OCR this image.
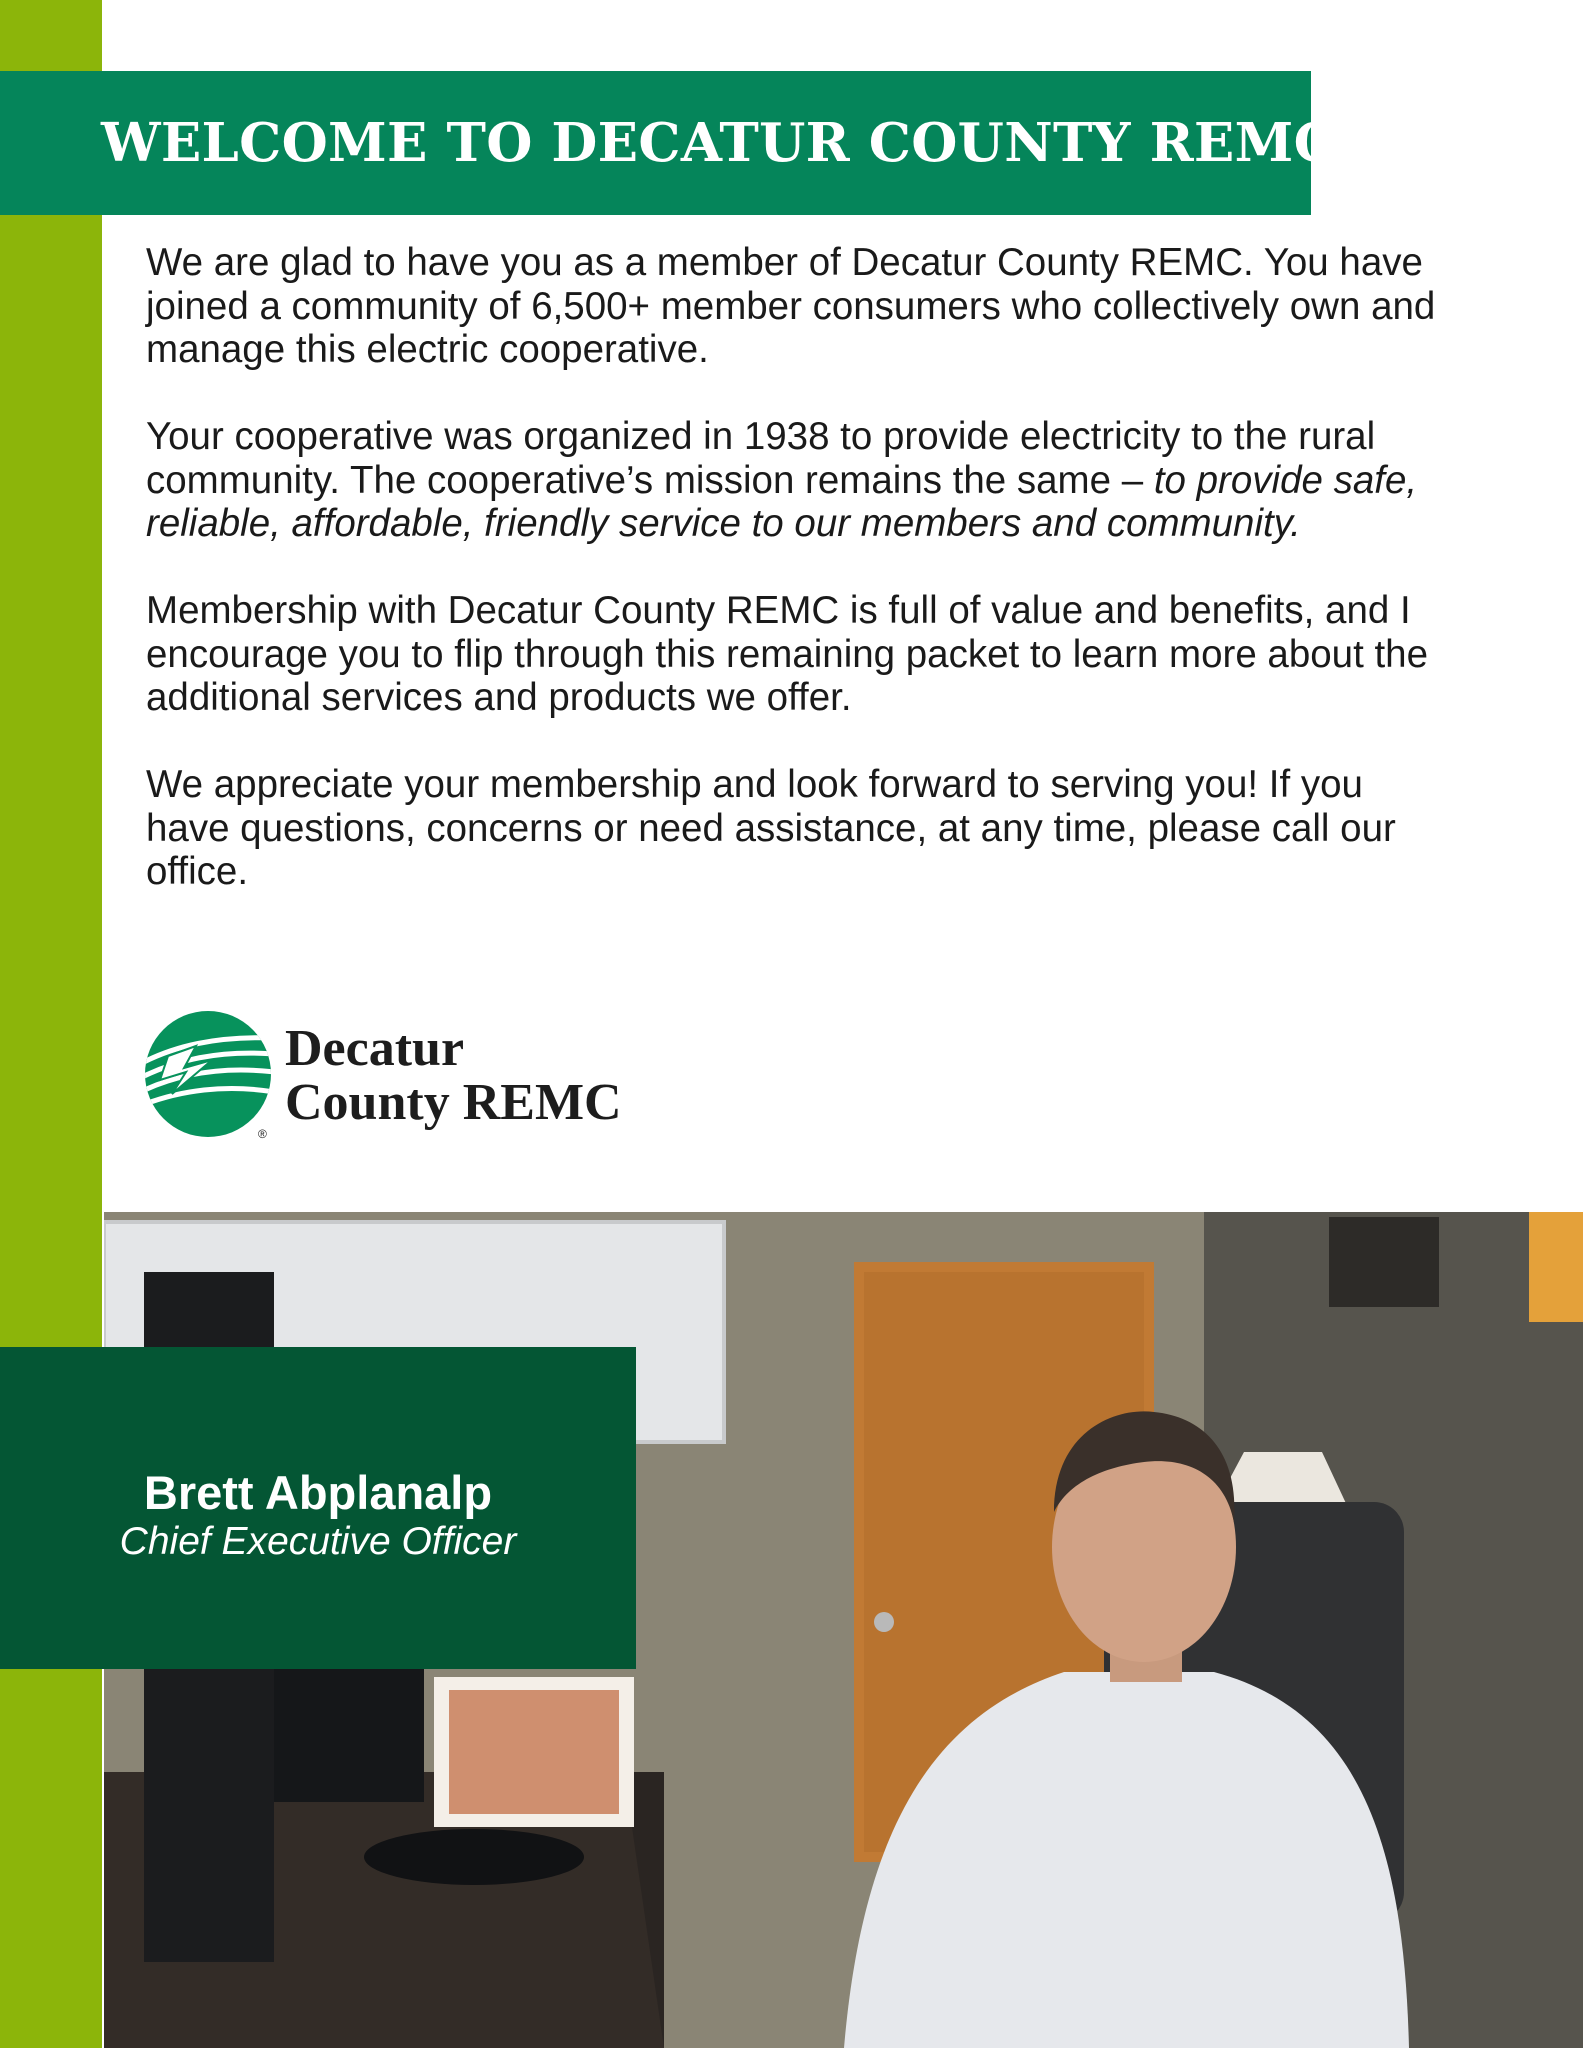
WELCOME TO DECATUR COUNTY REMC

We are glad to have you as a member of Decatur County REMC. You have joined a community of 6,500+ member consumers who collectively own and manage this electric cooperative.

Your cooperative was organized in 1938 to provide electricity to the rural community. The cooperative’s mission remains the same – to provide safe, reliable, affordable, friendly service to our members and community.

Membership with Decatur County REMC is full of value and benefits, and I encourage you to flip through this remaining packet to learn more about the additional services and products we offer.

We appreciate your membership and look forward to serving you! If you have questions, concerns or need assistance, at any time, please call our office.

®
Decatur
County REMC
Brett Abplanalp
Chief Executive Officer
